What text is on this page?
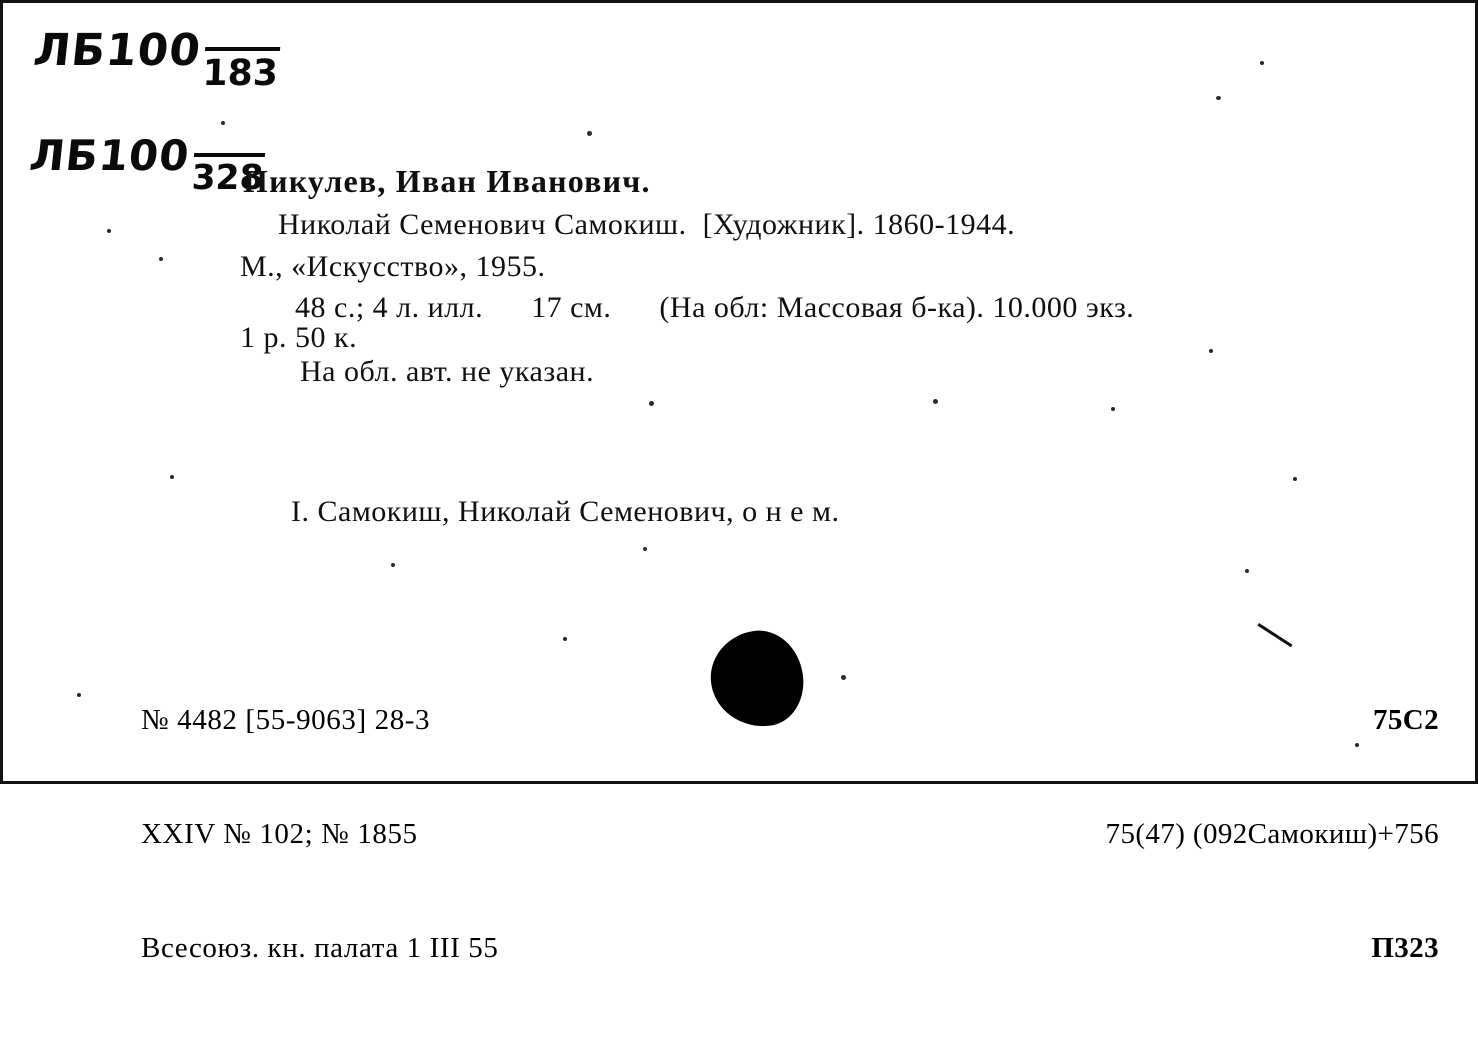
ЛБ100
183
ЛБ100
328
Пикулев, Иван Иванович.
Николай Семенович Самокиш.  [Художник]. 1860-1944.
М., «Искусство», 1955.
48 с.; 4 л. илл.      17 см.      (На обл: Массовая б-ка). 10.000 экз.
1 р. 50 к.
На обл. авт. не указан.
I. Самокиш, Николай Семенович, о н е м.

№ 4482 [55-9063] 28-3

XXIV № 102; № 1855

Всесоюз. кн. палата 1 III 55

75С2

75(47) (092Самокиш)+756

П323
